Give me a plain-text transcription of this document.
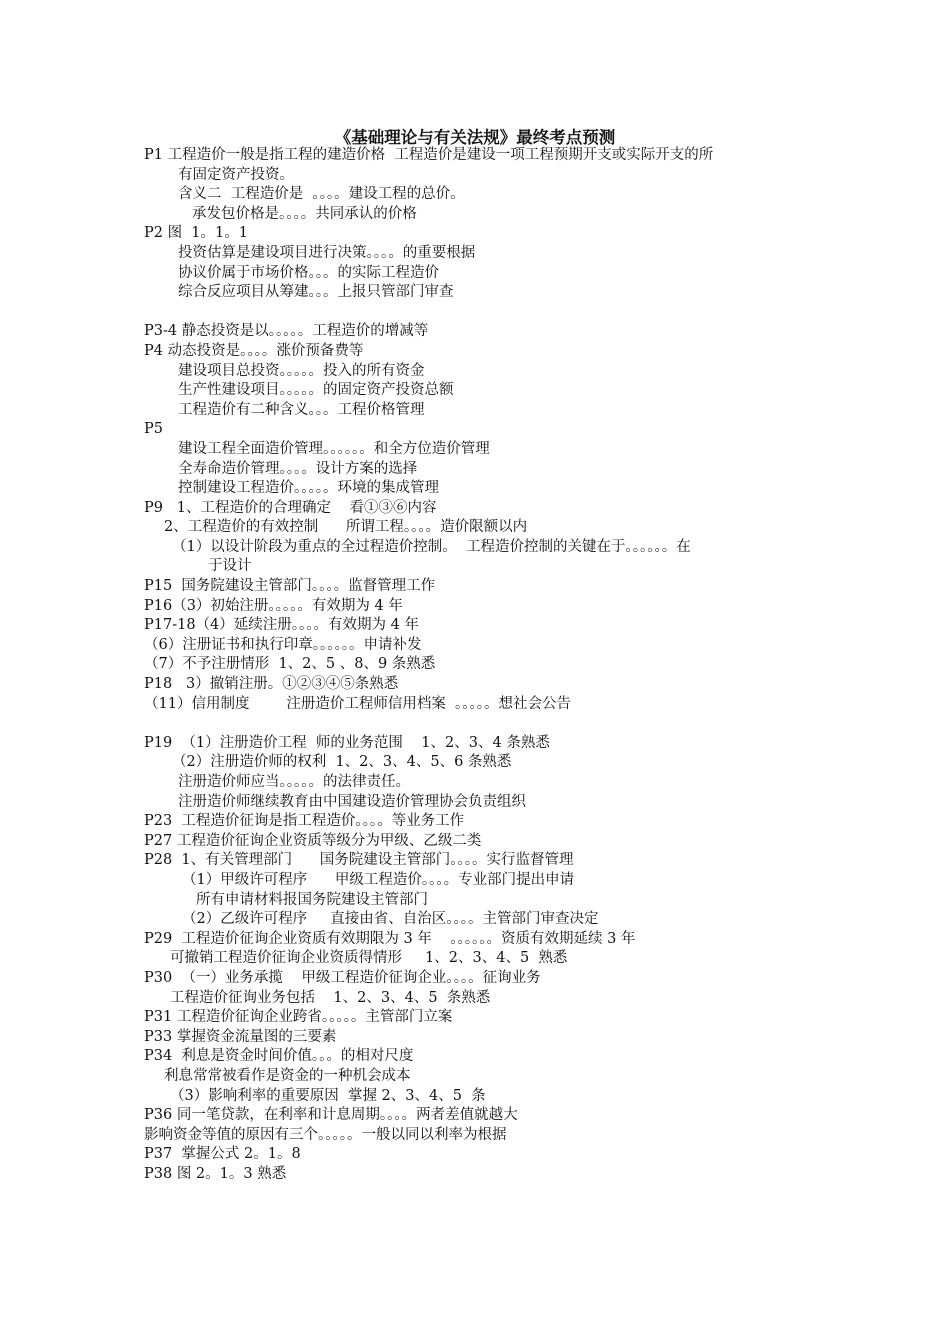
《基础理论与有关法规》最终考点预测
P1 工程造价一般是指工程的建造价格  工程造价是建设一项工程预期开支或实际开支的所
有固定资产投资。
含义二  工程造价是  。。。。建设工程的总价。
承发包价格是。。。。共同承认的价格
P2 图  1。1。1
投资估算是建设项目进行决策。。。。的重要根据
协议价属于市场价格。。。的实际工程造价
综合反应项目从筹建。。。上报只管部门审查
P3-4 静态投资是以。。。。。工程造价的增减等
P4 动态投资是。。。。涨价预备费等
建设项目总投资。。。。。投入的所有资金
生产性建设项目。。。。。的固定资产投资总额
工程造价有二种含义。。。工程价格管理
P5
建设工程全面造价管理。。。。。。和全方位造价管理
全寿命造价管理。。。。设计方案的选择
控制建设工程造价。。。。。环境的集成管理
P9   1、工程造价的合理确定    看①③⑥内容
2、工程造价的有效控制      所谓工程。。。。造价限额以内
（1）以设计阶段为重点的全过程造价控制。  工程造价控制的关键在于。。。。。。在
于设计
P15  国务院建设主管部门。。。。监督管理工作
P16（3）初始注册。。。。。有效期为 4 年
P17-18（4）延续注册。。。。有效期为 4 年
（6）注册证书和执行印章。。。。。。申请补发
（7）不予注册情形  1、2、5 、8、9 条熟悉
P18   3）撤销注册。①②③④⑤条熟悉
（11）信用制度        注册造价工程师信用档案  。。。。。想社会公告
P19  （1）注册造价工程  师的业务范围    1、2、3、4 条熟悉
（2）注册造价师的权利  1、2、3、4、5、6 条熟悉
注册造价师应当。。。。。的法律责任。
注册造价师继续教育由中国建设造价管理协会负责组织
P23  工程造价征询是指工程造价。。。。等业务工作
P27 工程造价征询企业资质等级分为甲级、乙级二类
P28  1、有关管理部门      国务院建设主管部门。。。。实行监督管理
（1）甲级许可程序      甲级工程造价。。。。专业部门提出申请
所有申请材料报国务院建设主管部门
（2）乙级许可程序     直接由省、自治区。。。。主管部门审查决定
P29  工程造价征询企业资质有效期限为 3 年    。。。。。。资质有效期延续 3 年
可撤销工程造价征询企业资质得情形     1、2、3、4、5  熟悉
P30  （一）业务承揽    甲级工程造价征询企业。。。。征询业务
工程造价征询业务包括    1、2、3、4、5  条熟悉
P31 工程造价征询企业跨省。。。。。主管部门立案
P33 掌握资金流量图的三要素
P34  利息是资金时间价值。。。的相对尺度
利息常常被看作是资金的一种机会成本
（3）影响利率的重要原因  掌握 2、3、4、5  条
P36 同一笔贷款，在利率和计息周期。。。。两者差值就越大
影响资金等值的原因有三个。。。。。一般以同以利率为根据
P37  掌握公式 2。1。8
P38 图 2。1。3 熟悉
